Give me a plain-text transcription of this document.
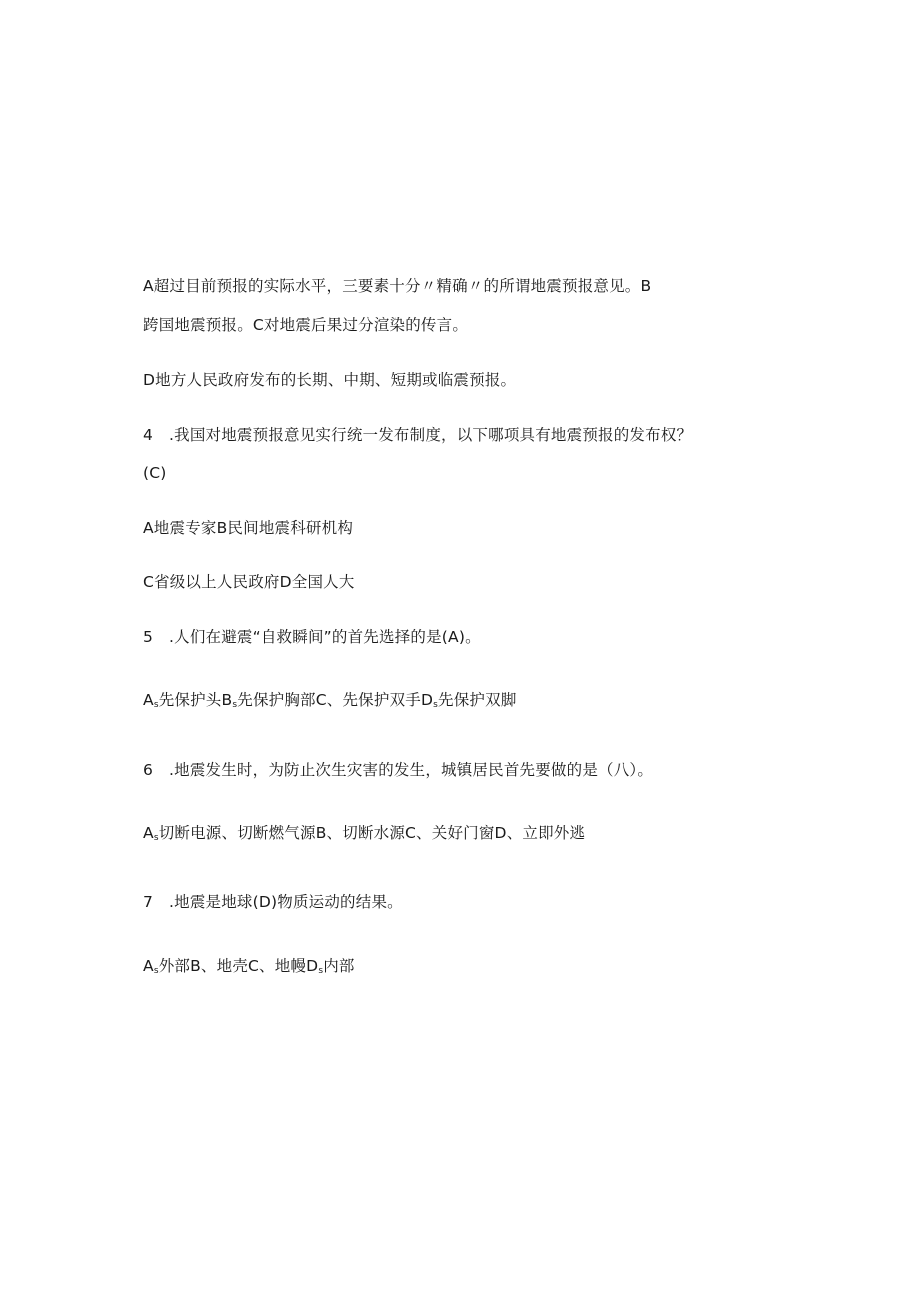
A超过目前预报的实际水平，三要素十分〃精确〃的所谓地震预报意见。B
跨国地震预报。C对地震后果过分渲染的传言。
D地方人民政府发布的长期、中期、短期或临震预报。
4 .我国对地震预报意见实行统一发布制度，以下哪项具有地震预报的发布权？
(C)
A地震专家B民间地震科研机构
C省级以上人民政府D全国人大
5 .人们在避震“自救瞬间”的首先选择的是(A)。
$A_s$先保护头$B_s$先保护胸部C、先保护双手$D_s$先保护双脚
6 .地震发生时，为防止次生灾害的发生，城镇居民首先要做的是（八）。
$A_s$切断电源、切断燃气源B、切断水源C、关好门窗D、立即外逃
7 .地震是地球(D)物质运动的结果。
$A_s$外部B、地壳C、地幔$D_s$内部
